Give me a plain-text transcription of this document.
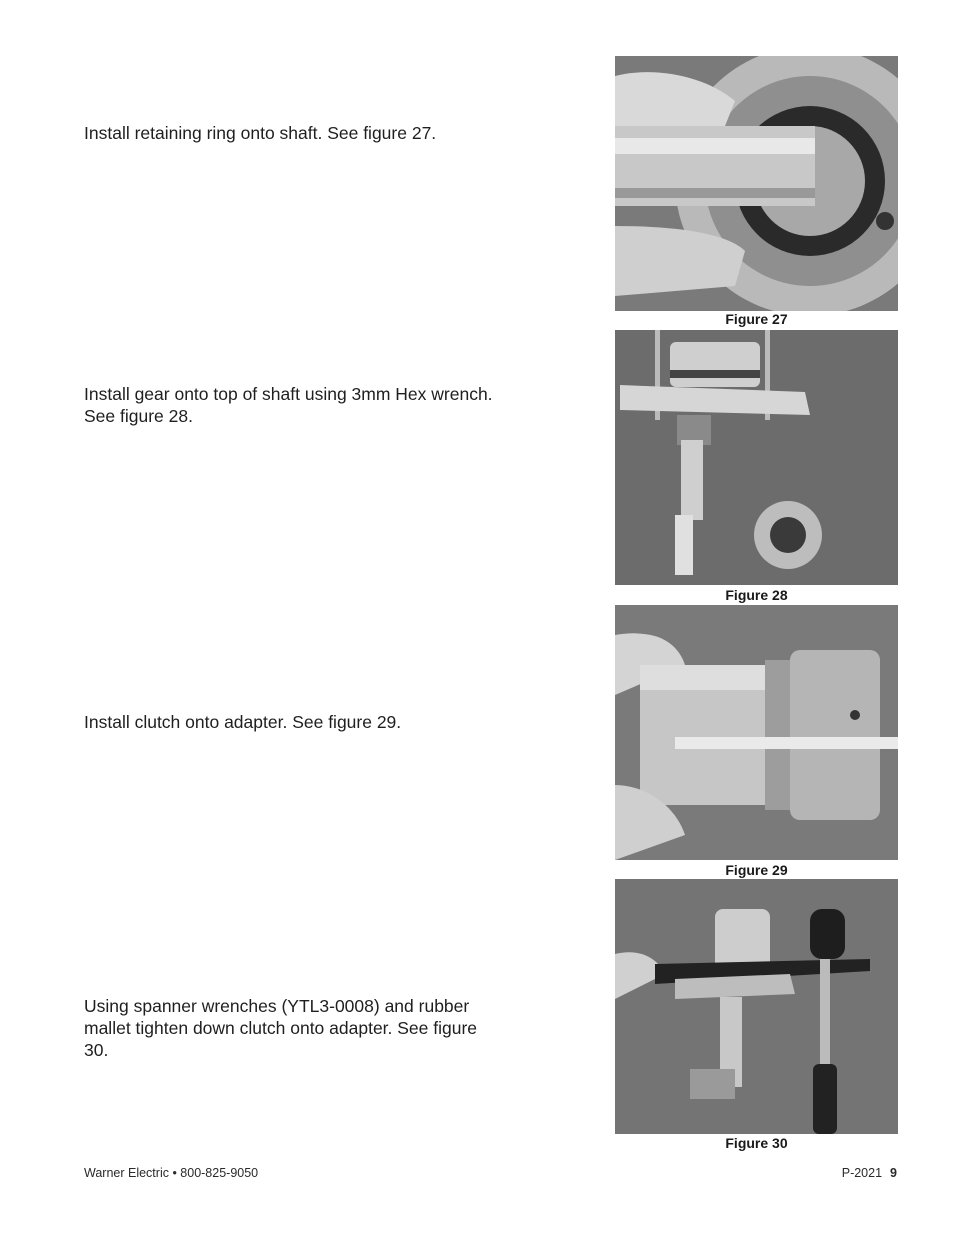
Install retaining ring onto shaft. See figure 27.
Figure 27
Install gear onto top of shaft using 3mm Hex wrench. See figure 28.
Figure 28
Install clutch onto adapter. See figure 29.
Figure 29
Using spanner wrenches (YTL3-0008) and rubber mallet tighten down clutch onto adapter. See figure 30.
Figure 30
Warner Electric • 800-825-9050	P-2021 9
